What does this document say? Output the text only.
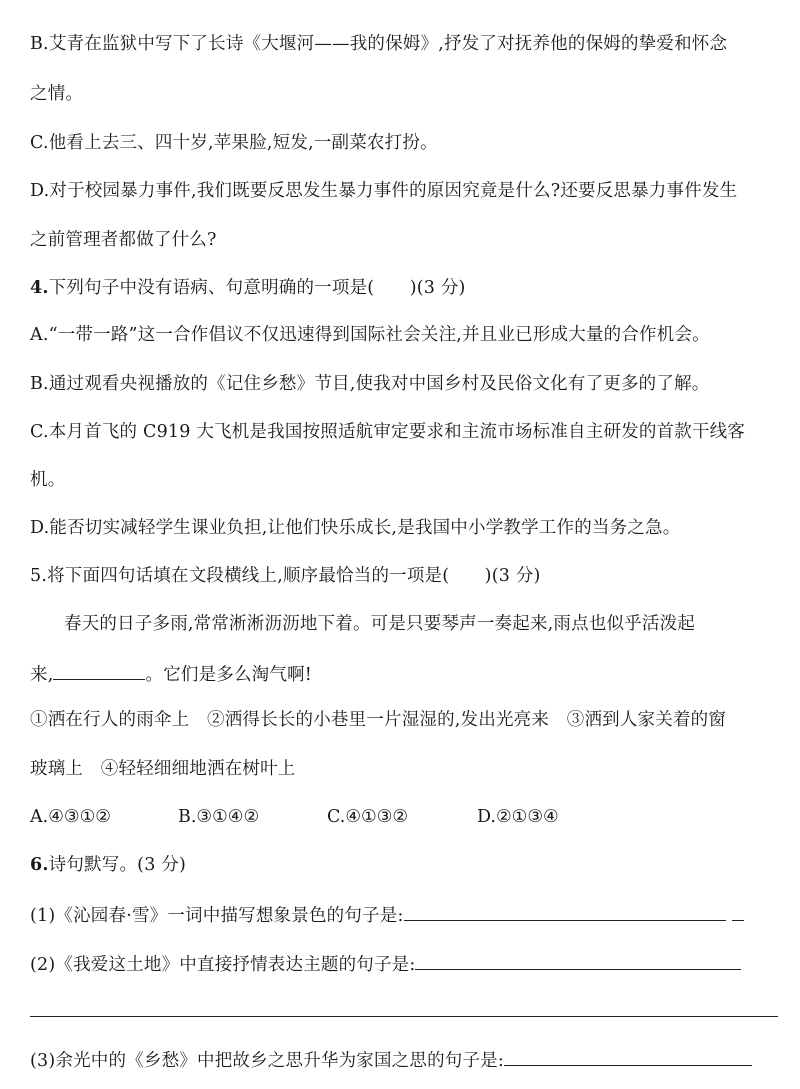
B.艾青在监狱中写下了长诗《大堰河——我的保姆》,抒发了对抚养他的保姆的挚爱和怀念
之情。
C.他看上去三、四十岁,苹果脸,短发,一副菜农打扮。
D.对于校园暴力事件,我们既要反思发生暴力事件的原因究竟是什么?还要反思暴力事件发生
之前管理者都做了什么?
4.下列句子中没有语病、句意明确的一项是(　　)(3 分)
A.“一带一路”这一合作倡议不仅迅速得到国际社会关注,并且业已形成大量的合作机会。
B.通过观看央视播放的《记住乡愁》节目,使我对中国乡村及民俗文化有了更多的了解。
C.本月首飞的 C919 大飞机是我国按照适航审定要求和主流市场标准自主研发的首款干线客
机。
D.能否切实减轻学生课业负担,让他们快乐成长,是我国中小学教学工作的当务之急。
5.将下面四句话填在文段横线上,顺序最恰当的一项是(　　)(3 分)
春天的日子多雨,常常淅淅沥沥地下着。可是只要琴声一奏起来,雨点也似乎活泼起
来,	。它们是多么淘气啊!
①洒在行人的雨伞上　②洒得长长的小巷里一片湿湿的,发出光亮来　③洒到人家关着的窗
玻璃上　④轻轻细细地洒在树叶上
A.④③①②	B.③①④②	C.④①③②	D.②①③④
6.诗句默写。(3 分)
(1)《沁园春·雪》一词中描写想象景色的句子是:
(2)《我爱这土地》中直接抒情表达主题的句子是:
(3)余光中的《乡愁》中把故乡之思升华为家国之思的句子是:
